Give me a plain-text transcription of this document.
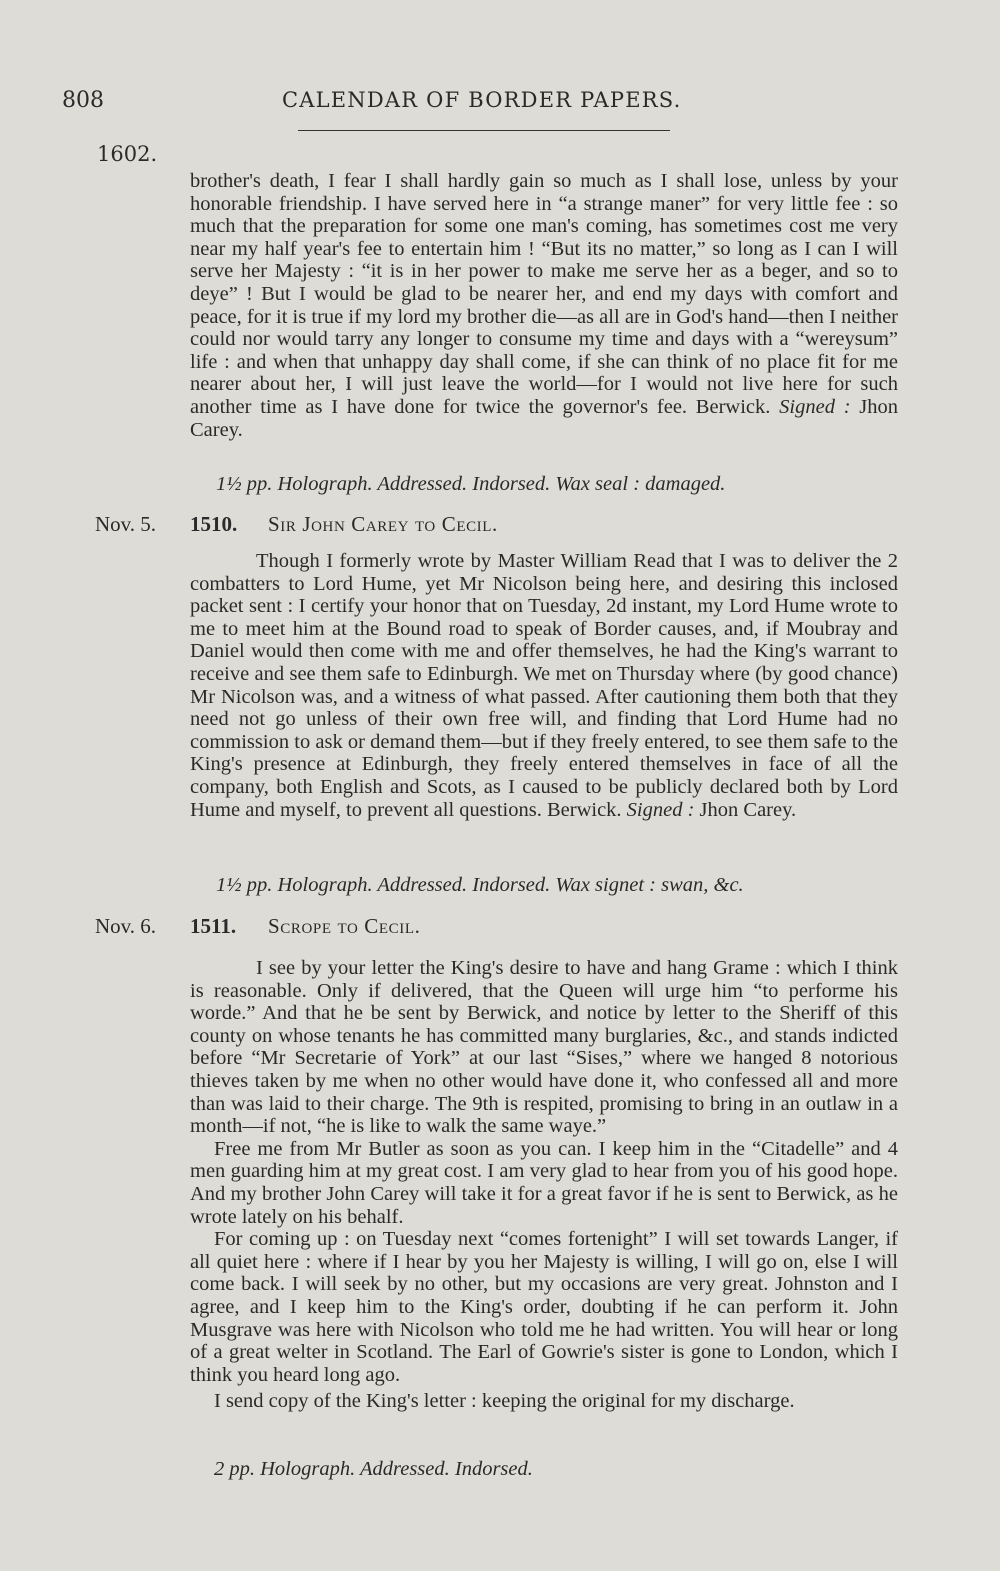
808	CALENDAR OF BORDER PAPERS.
1602.

brother's death, I fear I shall hardly gain so much as I shall lose, unless by your honorable friendship. I have served here in “a strange maner” for very little fee : so much that the preparation for some one man's coming, has sometimes cost me very near my half year's fee to entertain him ! “But its no matter,” so long as I can I will serve her Majesty : “it is in her power to make me serve her as a beger, and so to deye” ! But I would be glad to be nearer her, and end my days with comfort and peace, for it is true if my lord my brother die—as all are in God's hand—then I neither could nor would tarry any longer to consume my time and days with a “wereysum” life : and when that unhappy day shall come, if she can think of no place fit for me nearer about her, I will just leave the world—for I would not live here for such another time as I have done for twice the governor's fee. Berwick. Signed : Jhon Carey.

1½ pp. Holograph. Addressed. Indorsed. Wax seal : damaged.
Nov. 5. 1510. Sir John Carey to Cecil.

Though I formerly wrote by Master William Read that I was to deliver the 2 combatters to Lord Hume, yet Mr Nicolson being here, and desiring this inclosed packet sent : I certify your honor that on Tuesday, 2d instant, my Lord Hume wrote to me to meet him at the Bound road to speak of Border causes, and, if Moubray and Daniel would then come with me and offer themselves, he had the King's warrant to receive and see them safe to Edinburgh. We met on Thursday where (by good chance) Mr Nicolson was, and a witness of what passed. After cautioning them both that they need not go unless of their own free will, and finding that Lord Hume had no commission to ask or demand them—but if they freely entered, to see them safe to the King's presence at Edinburgh, they freely entered themselves in face of all the company, both English and Scots, as I caused to be publicly declared both by Lord Hume and myself, to prevent all questions. Berwick. Signed : Jhon Carey.

1½ pp. Holograph. Addressed. Indorsed. Wax signet : swan, &c.
Nov. 6. 1511. Scrope to Cecil.

I see by your letter the King's desire to have and hang Grame : which I think is reasonable. Only if delivered, that the Queen will urge him “to performe his worde.” And that he be sent by Berwick, and notice by letter to the Sheriff of this county on whose tenants he has committed many burglaries, &c., and stands indicted before “Mr Secretarie of York” at our last “Sises,” where we hanged 8 notorious thieves taken by me when no other would have done it, who confessed all and more than was laid to their charge. The 9th is respited, promising to bring in an outlaw in a month—if not, “he is like to walk the same waye.”

Free me from Mr Butler as soon as you can. I keep him in the “Citadelle” and 4 men guarding him at my great cost. I am very glad to hear from you of his good hope. And my brother John Carey will take it for a great favor if he is sent to Berwick, as he wrote lately on his behalf.

For coming up : on Tuesday next “comes fortenight” I will set towards Langer, if all quiet here : where if I hear by you her Majesty is willing, I will go on, else I will come back. I will seek by no other, but my occasions are very great. Johnston and I agree, and I keep him to the King's order, doubting if he can perform it. John Musgrave was here with Nicolson who told me he had written. You will hear or long of a great welter in Scotland. The Earl of Gowrie's sister is gone to London, which I think you heard long ago.

I send copy of the King's letter : keeping the original for my discharge.

2 pp. Holograph. Addressed. Indorsed.
